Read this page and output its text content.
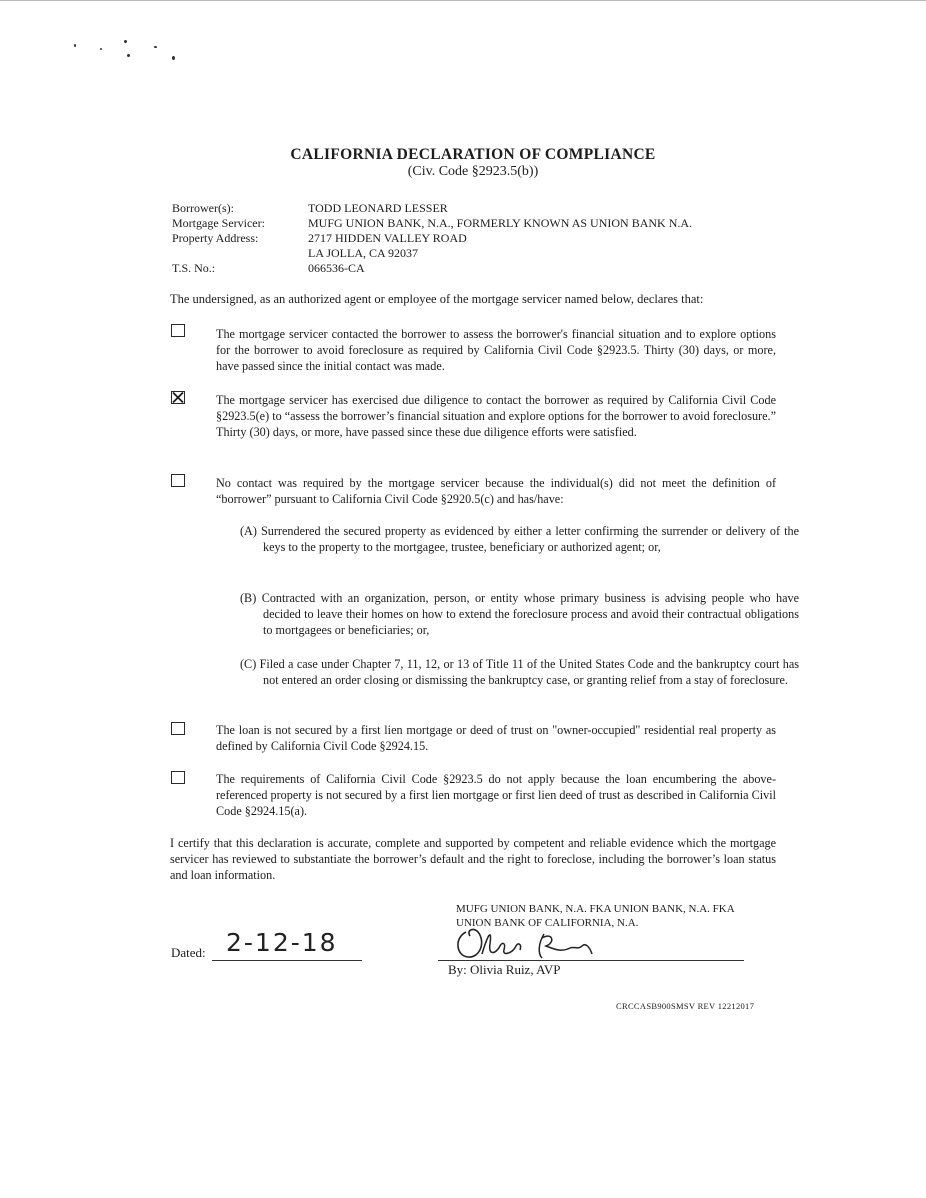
CALIFORNIA DECLARATION OF COMPLIANCE
(Civ. Code §2923.5(b))
Borrower(s):	TODD LEONARD LESSER
Mortgage Servicer:	MUFG UNION BANK, N.A., FORMERLY KNOWN AS UNION BANK N.A.
Property Address:	2717 HIDDEN VALLEY ROAD
LA JOLLA, CA 92037
T.S. No.:	066536-CA
The undersigned, as an authorized agent or employee of the mortgage servicer named below, declares that:
The mortgage servicer contacted the borrower to assess the borrower's financial situation and to explore options for the borrower to avoid foreclosure as required by California Civil Code §2923.5. Thirty (30) days, or more, have passed since the initial contact was made.
The mortgage servicer has exercised due diligence to contact the borrower as required by California Civil Code §2923.5(e) to “assess the borrower’s financial situation and explore options for the borrower to avoid foreclosure.” Thirty (30) days, or more, have passed since these due diligence efforts were satisfied.
No contact was required by the mortgage servicer because the individual(s) did not meet the definition of “borrower” pursuant to California Civil Code §2920.5(c) and has/have:
(A) Surrendered the secured property as evidenced by either a letter confirming the surrender or delivery of the keys to the property to the mortgagee, trustee, beneficiary or authorized agent; or,
(B) Contracted with an organization, person, or entity whose primary business is advising people who have decided to leave their homes on how to extend the foreclosure process and avoid their contractual obligations to mortgagees or beneficiaries; or,
(C) Filed a case under Chapter 7, 11, 12, or 13 of Title 11 of the United States Code and the bankruptcy court has not entered an order closing or dismissing the bankruptcy case, or granting relief from a stay of foreclosure.
The loan is not secured by a first lien mortgage or deed of trust on "owner-occupied" residential real property as defined by California Civil Code §2924.15.
The requirements of California Civil Code §2923.5 do not apply because the loan encumbering the above-referenced property is not secured by a first lien mortgage or first lien deed of trust as described in California Civil Code §2924.15(a).
I certify that this declaration is accurate, complete and supported by competent and reliable evidence which the mortgage servicer has reviewed to substantiate the borrower’s default and the right to foreclose, including the borrower’s loan status and loan information.
MUFG UNION BANK, N.A. FKA UNION BANK, N.A. FKA
UNION BANK OF CALIFORNIA, N.A.
Dated: 2-12-18
By: Olivia Ruiz, AVP
CRCCASB900SMSV REV 12212017
